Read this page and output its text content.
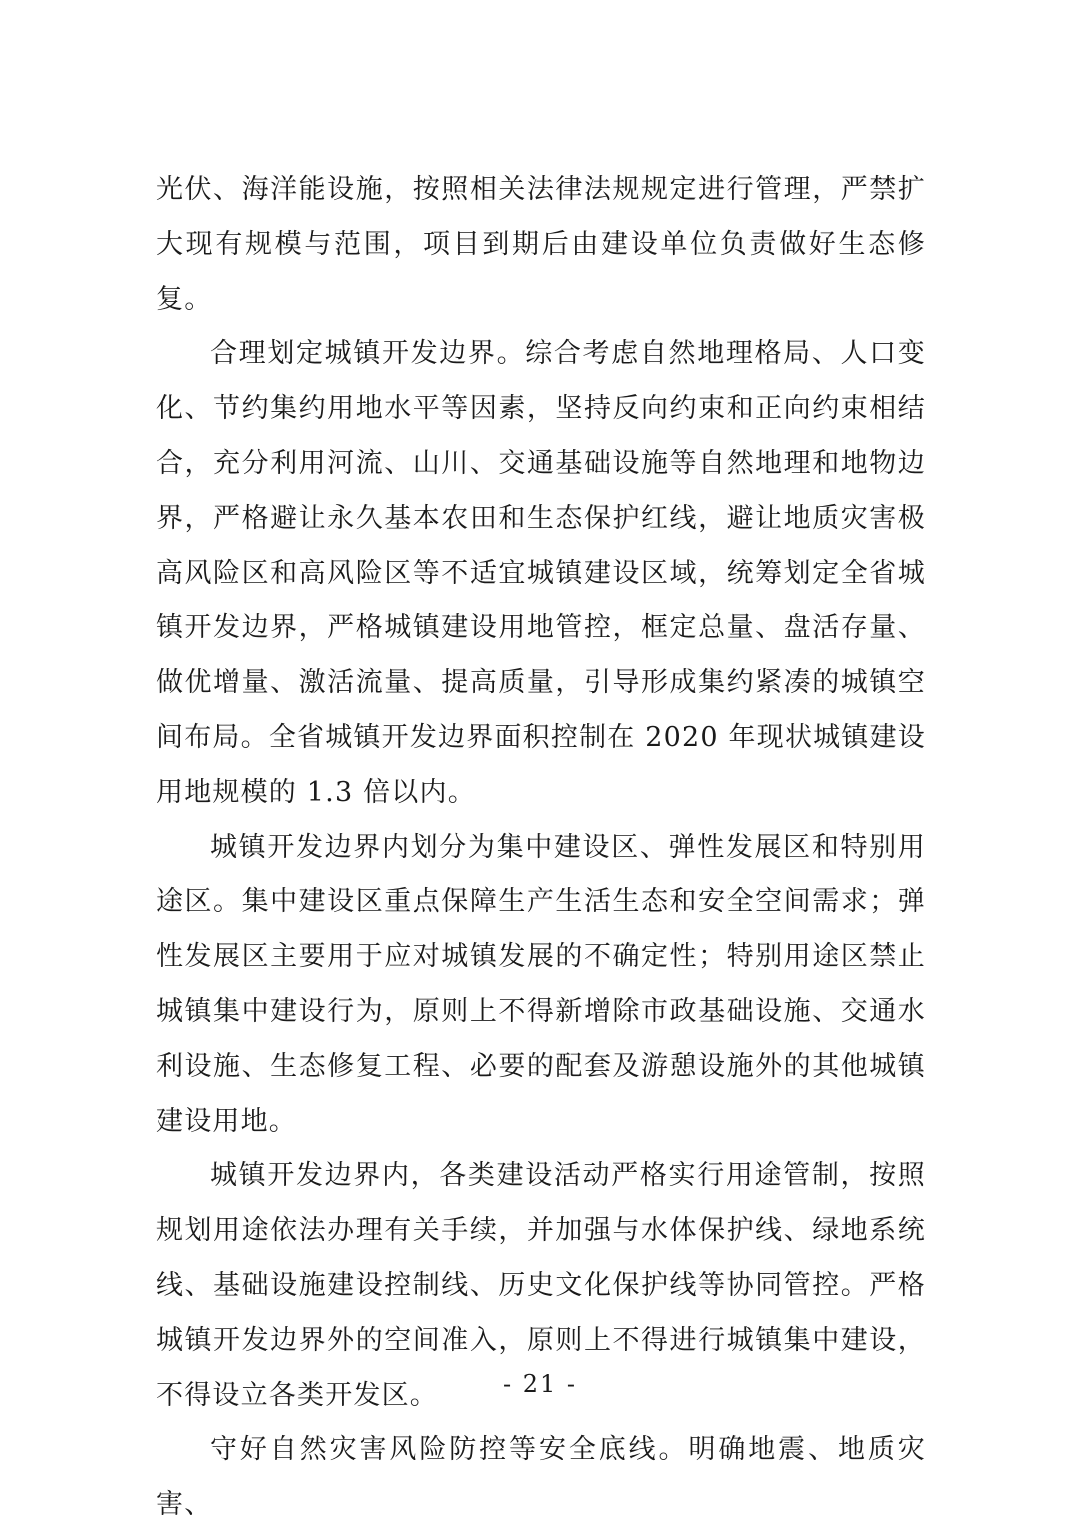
光伏、海洋能设施，按照相关法律法规规定进行管理，严禁扩大现有规模与范围，项目到期后由建设单位负责做好生态修复。

合理划定城镇开发边界。综合考虑自然地理格局、人口变化、节约集约用地水平等因素，坚持反向约束和正向约束相结合，充分利用河流、山川、交通基础设施等自然地理和地物边界，严格避让永久基本农田和生态保护红线，避让地质灾害极高风险区和高风险区等不适宜城镇建设区域，统筹划定全省城镇开发边界，严格城镇建设用地管控，框定总量、盘活存量、做优增量、激活流量、提高质量，引导形成集约紧凑的城镇空间布局。全省城镇开发边界面积控制在 2020 年现状城镇建设用地规模的 1.3 倍以内。

城镇开发边界内划分为集中建设区、弹性发展区和特别用途区。集中建设区重点保障生产生活生态和安全空间需求；弹性发展区主要用于应对城镇发展的不确定性；特别用途区禁止城镇集中建设行为，原则上不得新增除市政基础设施、交通水利设施、生态修复工程、必要的配套及游憩设施外的其他城镇建设用地。

城镇开发边界内，各类建设活动严格实行用途管制，按照规划用途依法办理有关手续，并加强与水体保护线、绿地系统线、基础设施建设控制线、历史文化保护线等协同管控。严格城镇开发边界外的空间准入，原则上不得进行城镇集中建设，不得设立各类开发区。

守好自然灾害风险防控等安全底线。明确地震、地质灾害、

- 21 -
